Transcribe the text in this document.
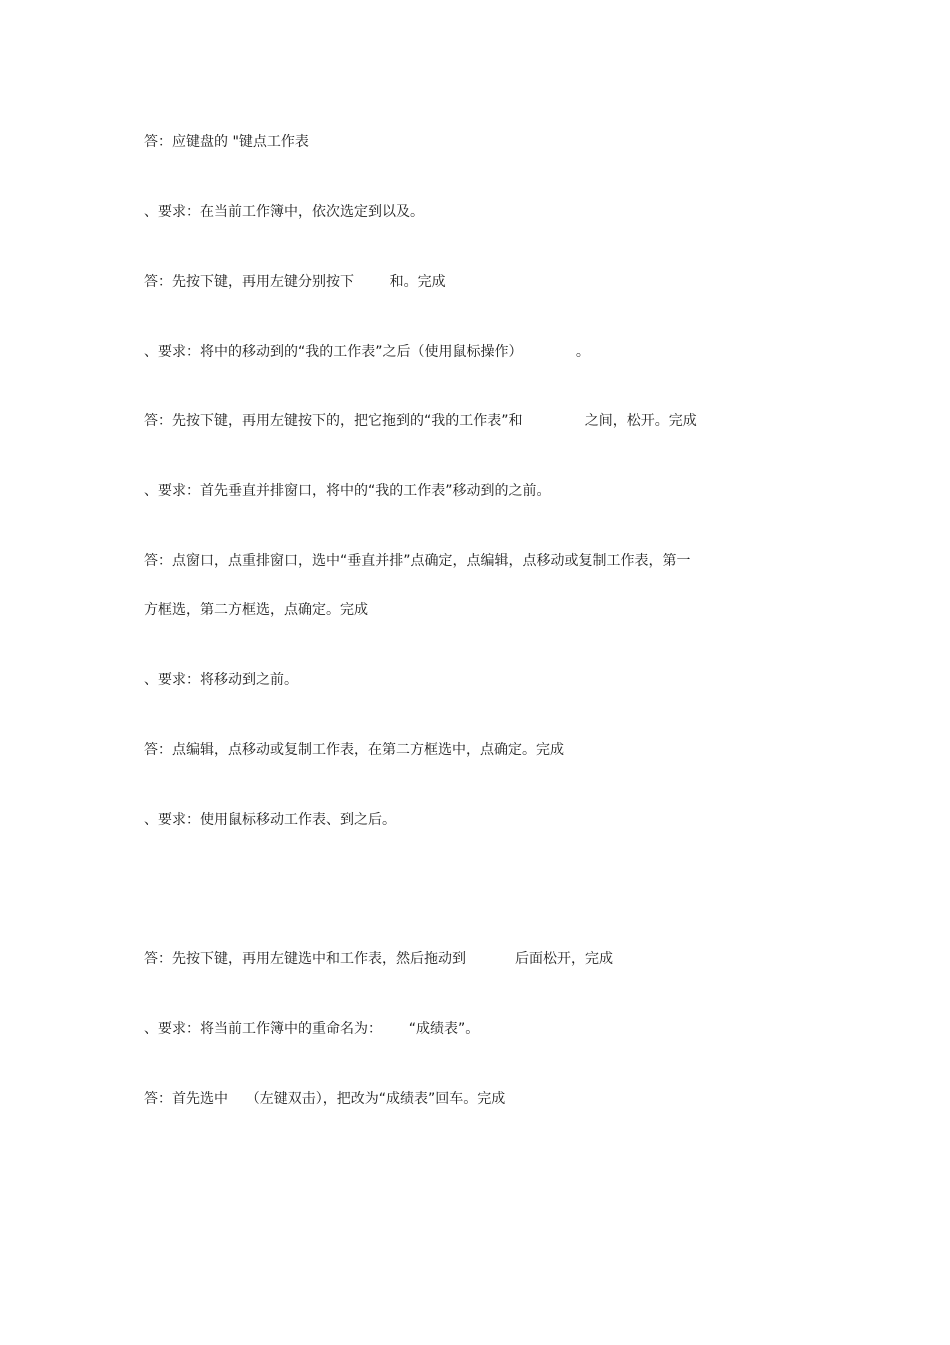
答：应键盘的 "键点工作表
、要求：在当前工作簿中，依次选定到以及。
答：先按下键，再用左键分别按下        和。完成
、要求：将中的移动到的“我的工作表”之后（使用鼠标操作）            。
答：先按下键，再用左键按下的，把它拖到的“我的工作表”和              之间，松开。完成
、要求：首先垂直并排窗口，将中的“我的工作表”移动到的之前。
答：点窗口，点重排窗口，选中“垂直并排”点确定，点编辑，点移动或复制工作表，第一
方框选，第二方框选，点确定。完成
、要求：将移动到之前。
答：点编辑，点移动或复制工作表，在第二方框选中，点确定。完成
、要求：使用鼠标移动工作表、到之后。
答：先按下键，再用左键选中和工作表，然后拖动到           后面松开，完成
、要求：将当前工作簿中的重命名为：      “成绩表”。
答：首先选中    （左键双击），把改为“成绩表”回车。完成
